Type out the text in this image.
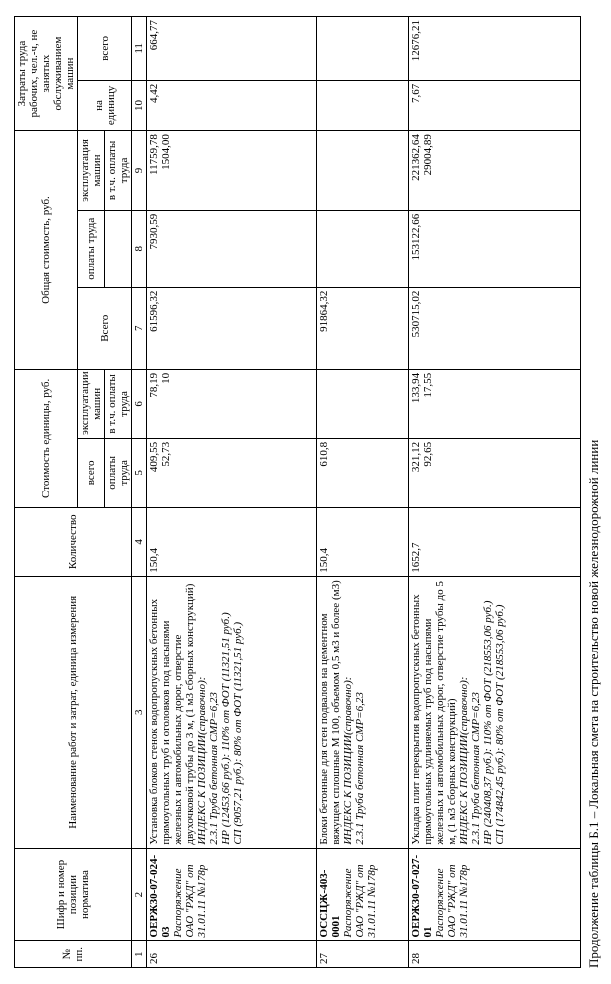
Продолжение таблицы Б.1 – Локальная смета на строительство новой железнодорожной линии
№ пп.	Шифр и номер позиции норматива	Наименование работ и затрат, единица измерения	Количество	Стоимость единицы, руб.		Общая стоимость, руб.			Затраты труда рабочих, чел.-ч, не занятых обслуживанием машин	
				всего	эксплуатации машин	Всего	оплаты труда	эксплуатация машин	на единицу	всего
				оплаты труда	в т.ч. оплаты труда			в т.ч. оплаты труда		
1	2	3	4	5	6	7	8	9	10	11
26	ОЕРЖ30-07-024-03 Распоряжение ОАО "РЖД" от 31.01.11 №178р	Установка блоков стенок водопропускных бетонных прямоугольных труб и оголовков под насыпями железных и автомобильных дорог, отверстие двухочковой трубы до 3 м, (1 м3 сборных конструкций) ИНДЕКС К ПОЗИЦИИ(справочно): 2.3.1 Труба бетонная СМР=6,23 НР (12453,66 руб.): 110% от ФОТ (11321,51 руб.) СП (9057,21 руб.): 80% от ФОТ (11321,51 руб.)	150,4	409,55 52,73	78,19 10	61596,32	7930,59	11759,78 1504,00	4,42	664,77
27	ОССЦЖ-403-0001 Распоряжение ОАО "РЖД" от 31.01.11 №178р	Блоки бетонные для стен подвалов на цементном вяжущем сплошные М 100, объемом 0,5 м3 и более (м3) ИНДЕКС К ПОЗИЦИИ(справочно): 2.3.1 Труба бетонная СМР=6,23	150,4	610,8		91864,32				
28	ОЕРЖ30-07-027-01 Распоряжение ОАО "РЖД" от 31.01.11 №178р	Укладка плит перекрытия водопропускных бетонных прямоугольных удлиняемых труб под насыпями железных и автомобильных дорог, отверстие трубы до 5 м, (1 м3 сборных конструкций) ИНДЕКС К ПОЗИЦИИ(справочно): 2.3.1 Труба бетонная СМР=6,23 НР (240408,37 руб.): 110% от ФОТ (218553,06 руб.) СП (174842,45 руб.): 80% от ФОТ (218553,06 руб.)	1652,7	321,12 92,65	133,94 17,55	530715,02	153122,66	221362,64 29004,89	7,67	12676,21
